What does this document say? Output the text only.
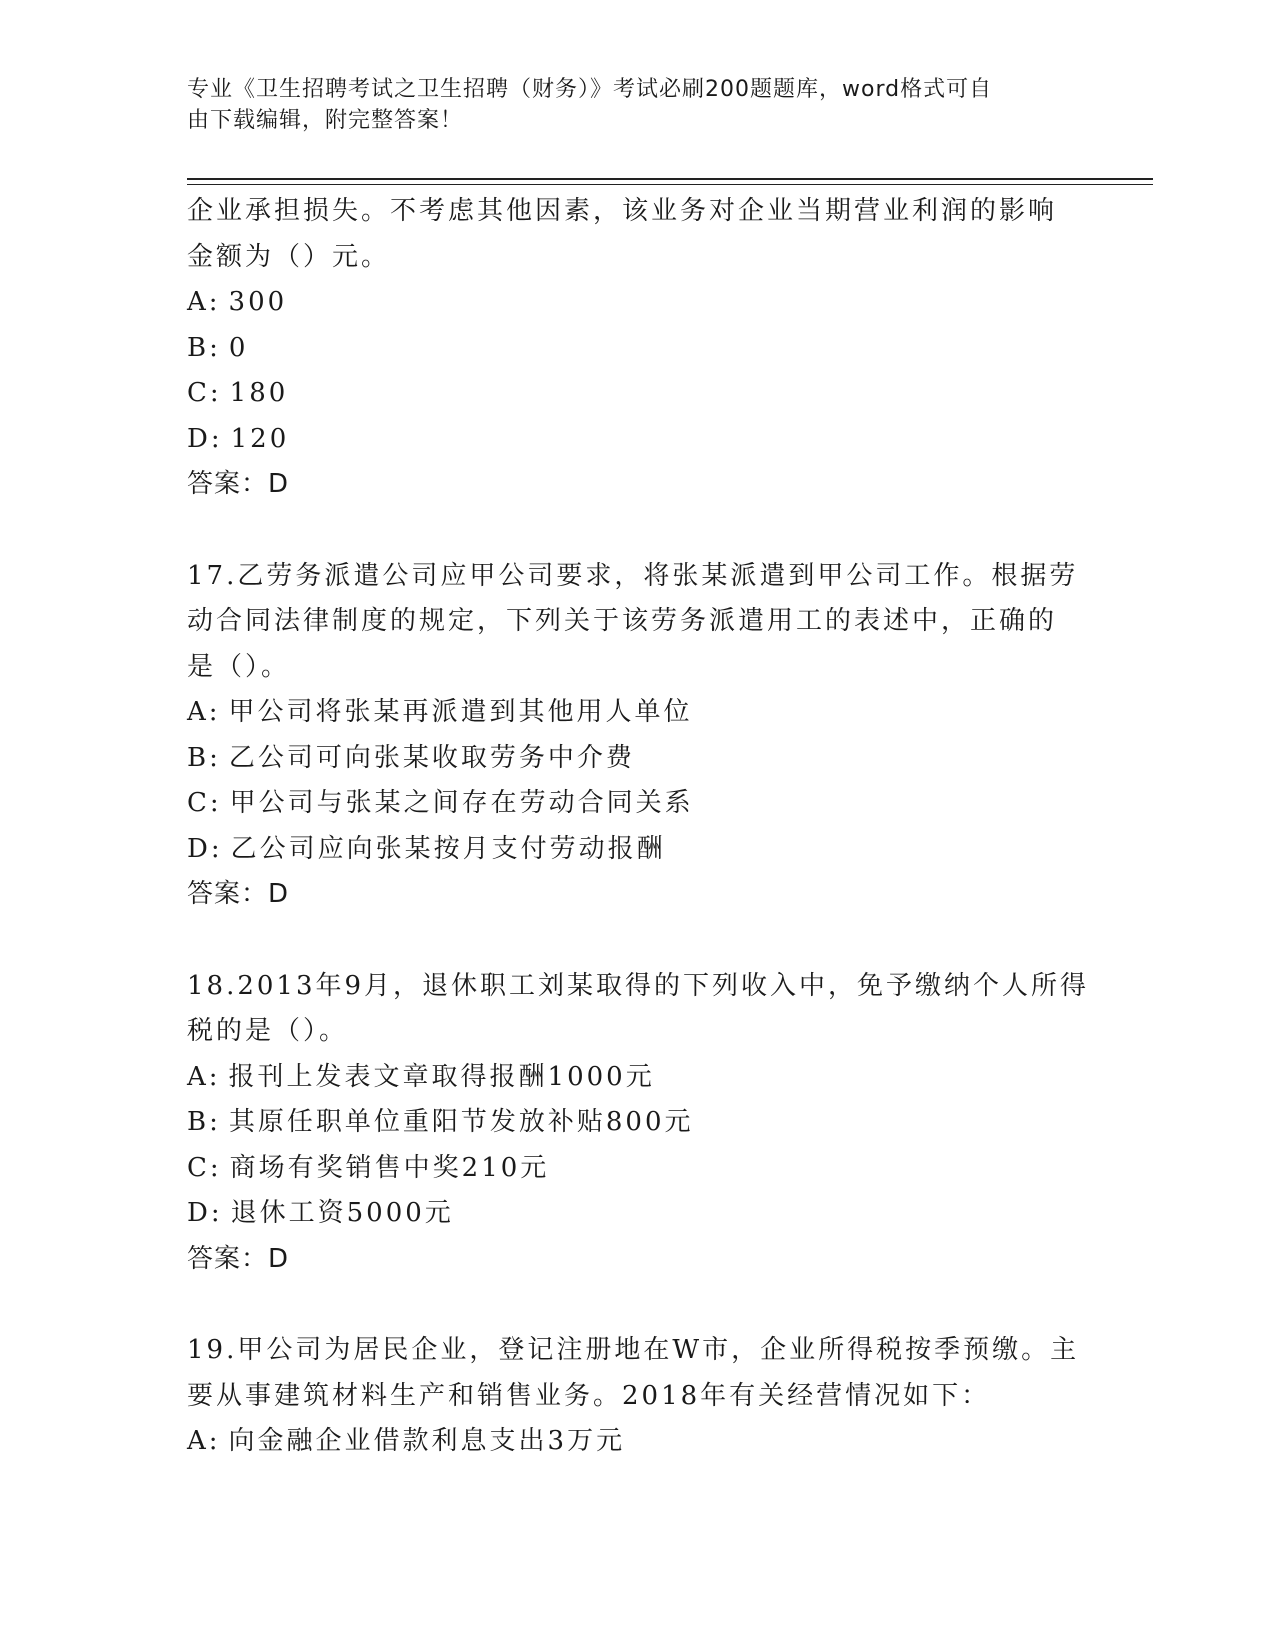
专业《卫生招聘考试之卫生招聘（财务）》考试必刷200题题库，word格式可自
由下载编辑，附完整答案！
企业承担损失。不考虑其他因素，该业务对企业当期营业利润的影响
金额为（）元。
A: 300
B: 0
C: 180
D: 120
答案：D
17.乙劳务派遣公司应甲公司要求，将张某派遣到甲公司工作。根据劳
动合同法律制度的规定，下列关于该劳务派遣用工的表述中，正确的
是（）。
A: 甲公司将张某再派遣到其他用人单位
B: 乙公司可向张某收取劳务中介费
C: 甲公司与张某之间存在劳动合同关系
D: 乙公司应向张某按月支付劳动报酬
答案：D
18.2013年9月，退休职工刘某取得的下列收入中，免予缴纳个人所得
税的是（）。
A: 报刊上发表文章取得报酬1000元
B: 其原任职单位重阳节发放补贴800元
C: 商场有奖销售中奖210元
D: 退休工资5000元
答案：D
19.甲公司为居民企业，登记注册地在W市，企业所得税按季预缴。主
要从事建筑材料生产和销售业务。2018年有关经营情况如下：
A: 向金融企业借款利息支出3万元
